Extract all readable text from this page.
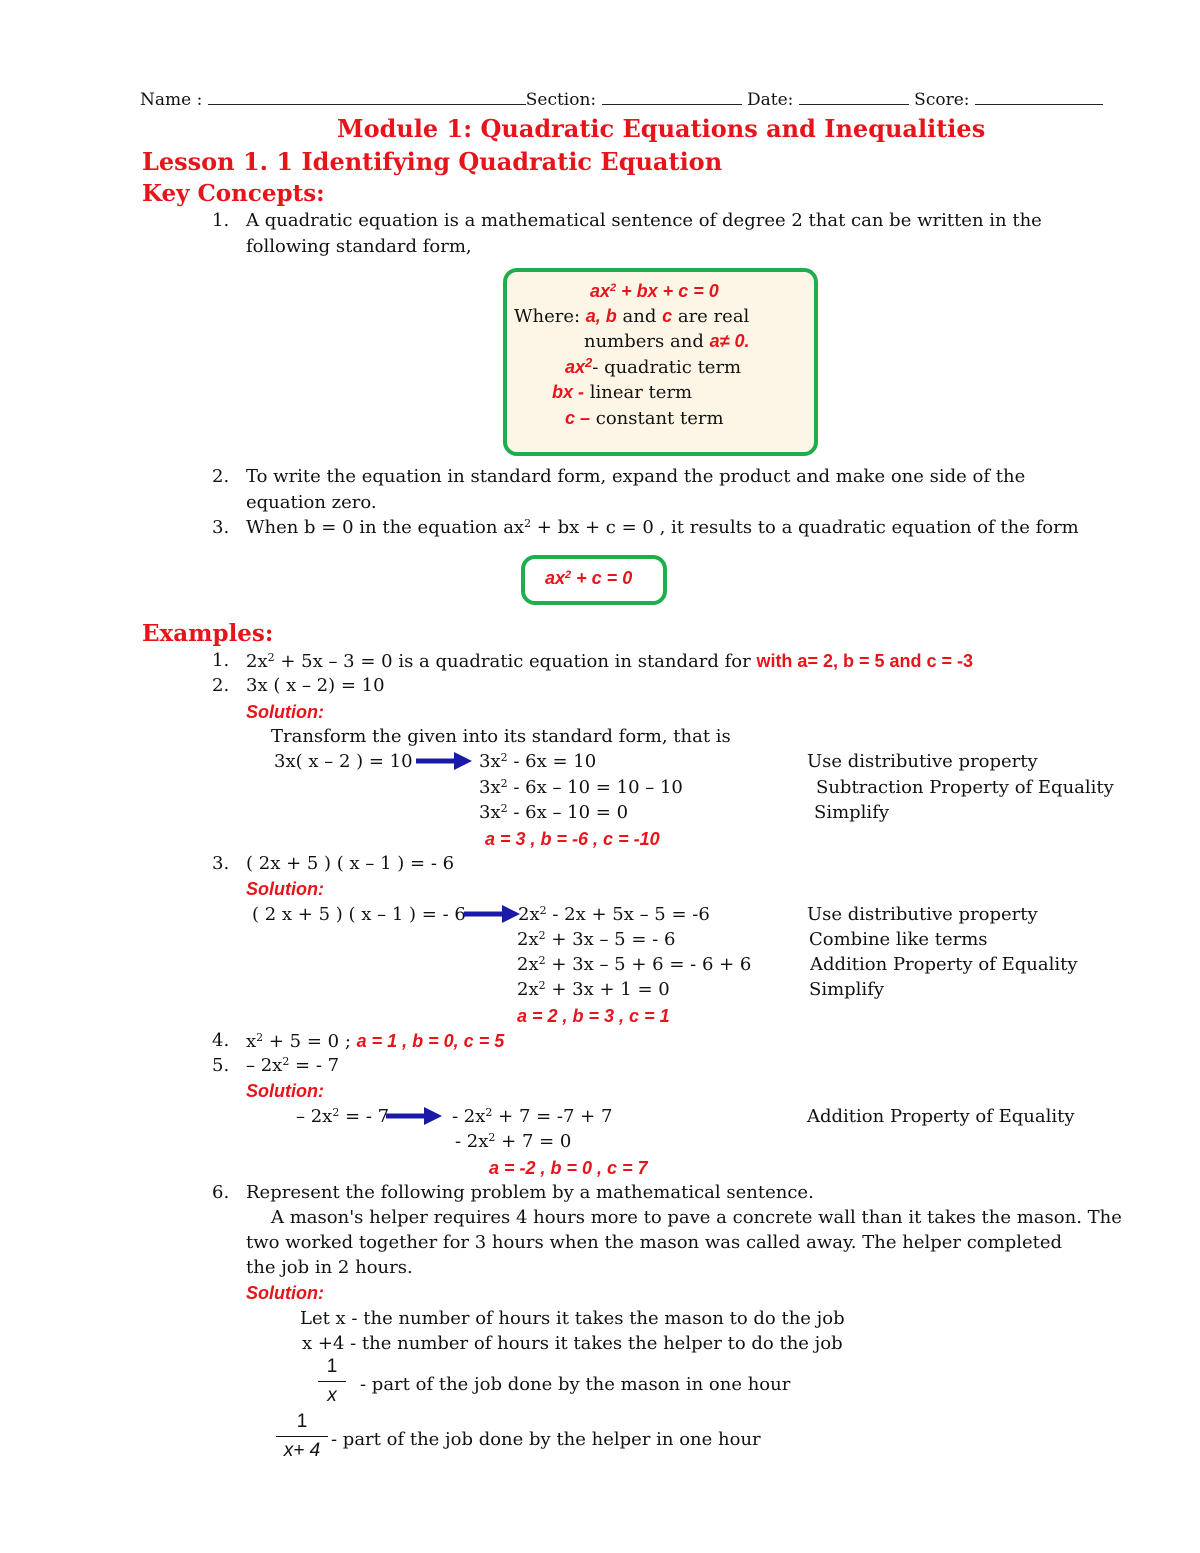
Name :	Section:	Date:	Score:
Module 1: Quadratic Equations and Inequalities
Lesson 1. 1 Identifying Quadratic Equation
Key Concepts:
1. A quadratic equation is a mathematical sentence of degree 2 that can be written in the
following standard form,
$ax^2$ + bx + c = 0
Where: a, b and c are real
numbers and a≠ 0.
$ax^2-$ quadratic term
bx - linear term
c – constant term
2. To write the equation in standard form, expand the product and make one side of the
equation zero.
3. When b = 0 in the equation $ax^2$ + bx + c = 0 , it results to a quadratic equation of the form
$ax^2 + c = 0$
Examples:
1. $2x^2 + 5x - 3 = 0$ is a quadratic equation in standard for with a= 2, b = 5 and c = -3
2. 3x ( x – 2) = 10
Solution:
Transform the given into its standard form, that is
3x( x – 2 ) = 10	$3x^2 - 6x = 10$	Use distributive property
$3x^2 - 6x - 10 = 10 - 10$	Subtraction Property of Equality
$3x^2 - 6x - 10 = 0$	Simplify
a = 3 , b = -6 , c = -10
3. ( 2x + 5 ) ( x – 1 ) = - 6
Solution:
( 2 x + 5 ) ( x – 1 ) = - 6	$2x^2 - 2x + 5x - 5 = -6$	Use distributive property
$2x^2 + 3x - 5$ = - 6	Combine like terms
$2x^2 + 3x - 5 + 6$ = - 6 + 6	Addition Property of Equality
$2x^2 + 3x + 1 = 0$	Simplify
a = 2 , b = 3 , c = 1
4. $x^2 + 5 = 0$ ; a = 1 , b = 0, c = 5
5. – $2x^2$ = - 7
Solution:
– $2x^2$ = - 7	- $2x^2 + 7 = -7 + 7$	Addition Property of Equality
- $2x^2 + 7 = 0$
a = -2 , b = 0 , c = 7
6. Represent the following problem by a mathematical sentence.
A mason's helper requires 4 hours more to pave a concrete wall than it takes the mason. The
two worked together for 3 hours when the mason was called away. The helper completed
the job in 2 hours.
Solution:
Let x - the number of hours it takes the mason to do the job
x +4 - the number of hours it takes the helper to do the job
1
x
- part of the job done by the mason in one hour
1
x+ 4
- part of the job done by the helper in one hour
